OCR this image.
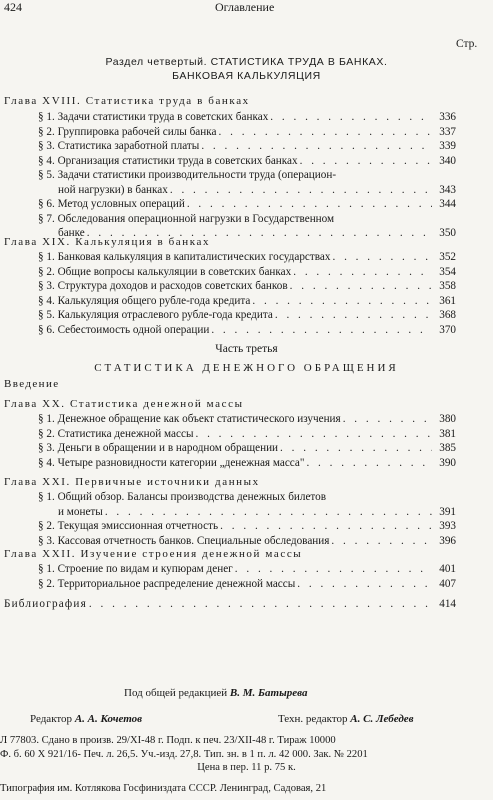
424	Оглавление
Стр.
Раздел четвертый. СТАТИСТИКА ТРУДА В БАНКАХ.
БАНКОВАЯ КАЛЬКУЛЯЦИЯ
Глава XVIII. Статистика труда в банках
§ 1. Задачи статистики труда в советских банках . . .	336
§ 2. Группировка рабочей силы банка . . .	337
§ 3. Статистика заработной платы . . .	339
§ 4. Организация статистики труда в советских банках . . .	340
§ 5. Задачи статистики производительности труда (операцион-
ной нагрузки) в банках . . .	343
§ 6. Метод условных операций . . .	344
§ 7. Обследования операционной нагрузки в Государственном
банке . . .	350
Глава XIX. Калькуляция в банках
§ 1. Банковая калькуляция в капиталистических государствах . . .	352
§ 2. Общие вопросы калькуляции в советских банках . . .	354
§ 3. Структура доходов и расходов советских банков . . .	358
§ 4. Калькуляция общего рубле-года кредита . . .	361
§ 5. Калькуляция отраслевого рубле-года кредита . . .	368
§ 6. Себестоимость одной операции . . .	370
Часть третья
СТАТИСТИКА ДЕНЕЖНОГО ОБРАЩЕНИЯ
Введение
Глава XX. Статистика денежной массы
§ 1. Денежное обращение как объект статистического изучения . . .	380
§ 2. Статистика денежной массы . . .	381
§ 3. Деньги в обращении и в народном обращении . . .	385
§ 4. Четыре разновидности категории „денежная масса" . . .	390
Глава XXI. Первичные источники данных
§ 1. Общий обзор. Балансы производства денежных билетов
и монеты . . .	391
§ 2. Текущая эмиссионная отчетность . . .	393
§ 3. Кассовая отчетность банков. Специальные обследования . . .	396
Глава XXII. Изучение строения денежной массы
§ 1. Строение по видам и купюрам денег . . .	401
§ 2. Территориальное распределение денежной массы . . .	407
Библиография . . .	414
Под общей редакцией В. М. Батырева
Редактор А. А. Кочетов	Техн. редактор А. С. Лебедев
Л 77803. Сдано в произв. 29/XI-48 г. Подп. к печ. 23/XII-48 г. Тираж 10000
Ф. б. 60 X 921/16- Печ. л. 26,5. Уч.-изд. 27,8. Тип. зн. в 1 п. л. 42 000. Зак. № 2201
Цена в пер. 11 р. 75 к.
Типография им. Котлякова Госфиниздата СССР. Ленинград, Садовая, 21
